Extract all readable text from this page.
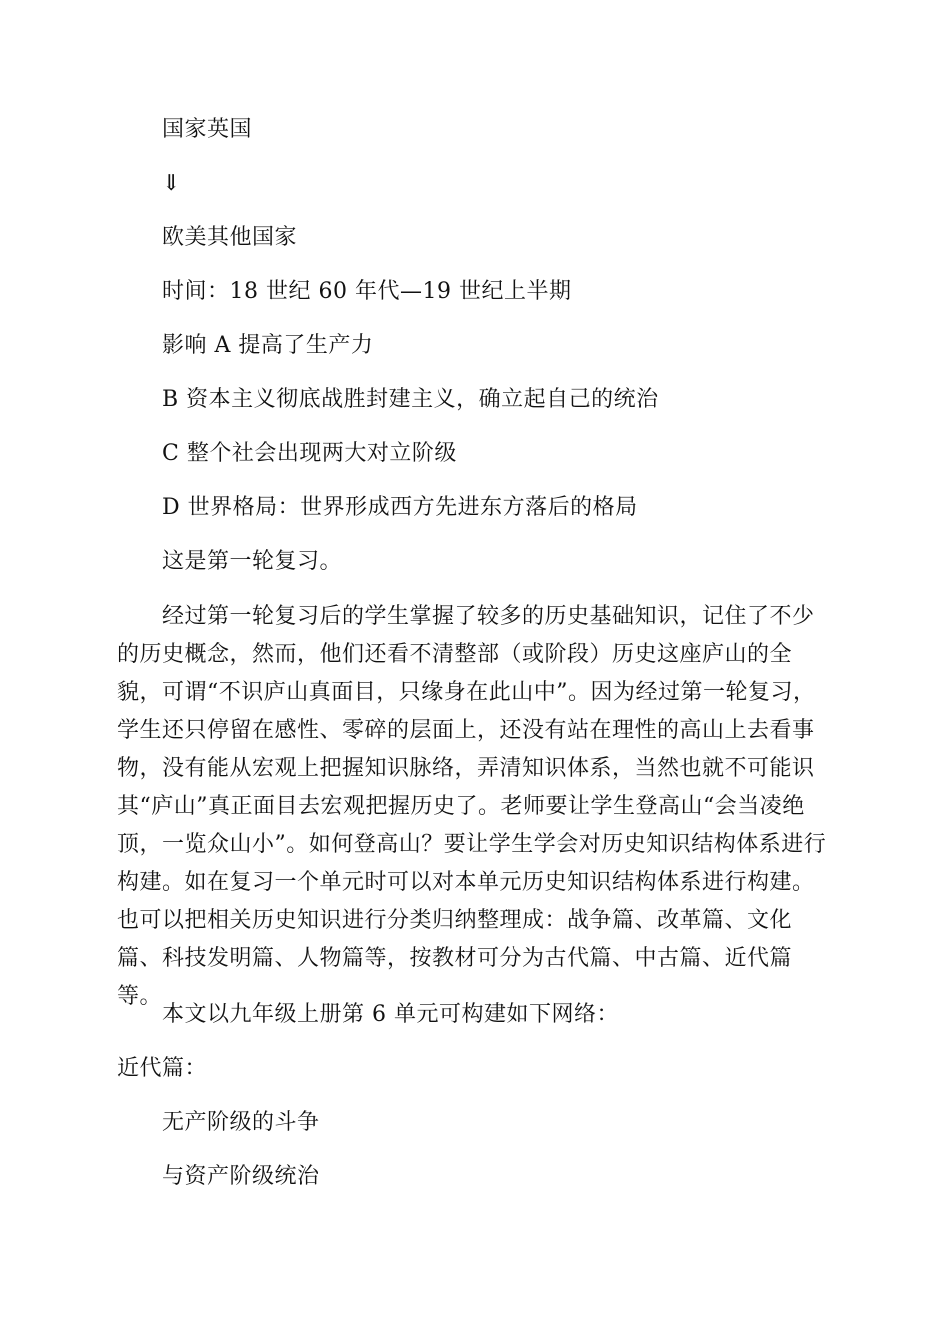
国家英国
⇓
欧美其他国家
时间：18 世纪 60 年代—19 世纪上半期
影响 A 提高了生产力
B 资本主义彻底战胜封建主义，确立起自己的统治
C 整个社会出现两大对立阶级
D 世界格局：世界形成西方先进东方落后的格局
这是第一轮复习。
经过第一轮复习后的学生掌握了较多的历史基础知识，记住了不少的历史概念，然而，他们还看不清整部（或阶段）历史这座庐山的全貌，可谓“不识庐山真面目，只缘身在此山中”。因为经过第一轮复习，学生还只停留在感性、零碎的层面上，还没有站在理性的高山上去看事物，没有能从宏观上把握知识脉络，弄清知识体系，当然也就不可能识其“庐山”真正面目去宏观把握历史了。老师要让学生登高山“会当凌绝顶，一览众山小”。如何登高山？要让学生学会对历史知识结构体系进行构建。如在复习一个单元时可以对本单元历史知识结构体系进行构建。也可以把相关历史知识进行分类归纳整理成：战争篇、改革篇、文化篇、科技发明篇、人物篇等，按教材可分为古代篇、中古篇、近代篇等。
本文以九年级上册第 6 单元可构建如下网络：
近代篇：
无产阶级的斗争
与资产阶级统治
